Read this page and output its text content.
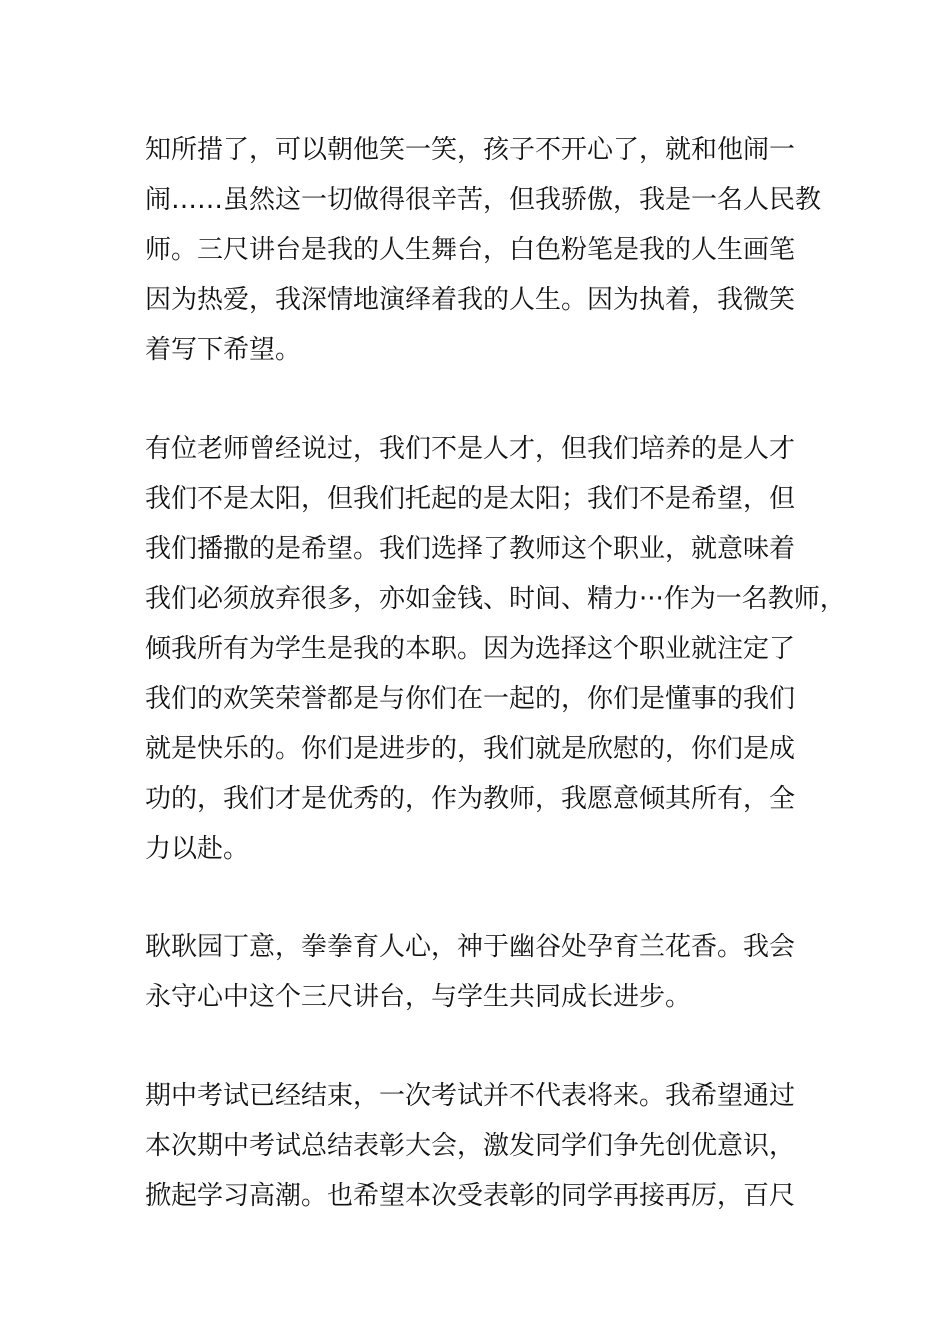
知所措了，可以朝他笑一笑，孩子不开心了，就和他闹一
闹……虽然这一切做得很辛苦，但我骄傲，我是一名人民教
师。三尺讲台是我的人生舞台，白色粉笔是我的人生画笔
因为热爱，我深情地演绎着我的人生。因为执着，我微笑
着写下希望。
有位老师曾经说过，我们不是人才，但我们培养的是人才
我们不是太阳，但我们托起的是太阳；我们不是希望，但
我们播撒的是希望。我们选择了教师这个职业，就意味着
我们必须放弃很多，亦如金钱、时间、精力···作为一名教师，
倾我所有为学生是我的本职。因为选择这个职业就注定了
我们的欢笑荣誉都是与你们在一起的，你们是懂事的我们
就是快乐的。你们是进步的，我们就是欣慰的，你们是成
功的，我们才是优秀的，作为教师，我愿意倾其所有，全
力以赴。
耿耿园丁意，拳拳育人心，神于幽谷处孕育兰花香。我会
永守心中这个三尺讲台，与学生共同成长进步。
期中考试已经结束，一次考试并不代表将来。我希望通过
本次期中考试总结表彰大会，激发同学们争先创优意识，
掀起学习高潮。也希望本次受表彰的同学再接再厉，百尺
